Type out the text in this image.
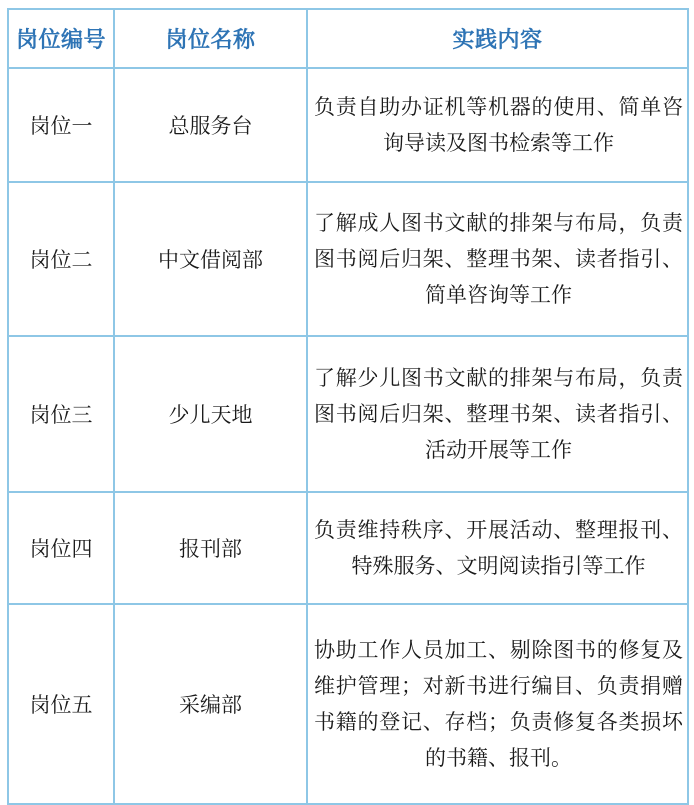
岗位编号	岗位名称	实践内容
岗位一	总服务台	负责自助办证机等机器的使用、简单咨询导读及图书检索等工作
岗位二	中文借阅部	了解成人图书文献的排架与布局，负责图书阅后归架、整理书架、读者指引、简单咨询等工作
岗位三	少儿天地	了解少儿图书文献的排架与布局，负责图书阅后归架、整理书架、读者指引、活动开展等工作
岗位四	报刊部	负责维持秩序、开展活动、整理报刊、特殊服务、文明阅读指引等工作
岗位五	采编部	协助工作人员加工、剔除图书的修复及维护管理；对新书进行编目、负责捐赠书籍的登记、存档；负责修复各类损坏的书籍、报刊。
